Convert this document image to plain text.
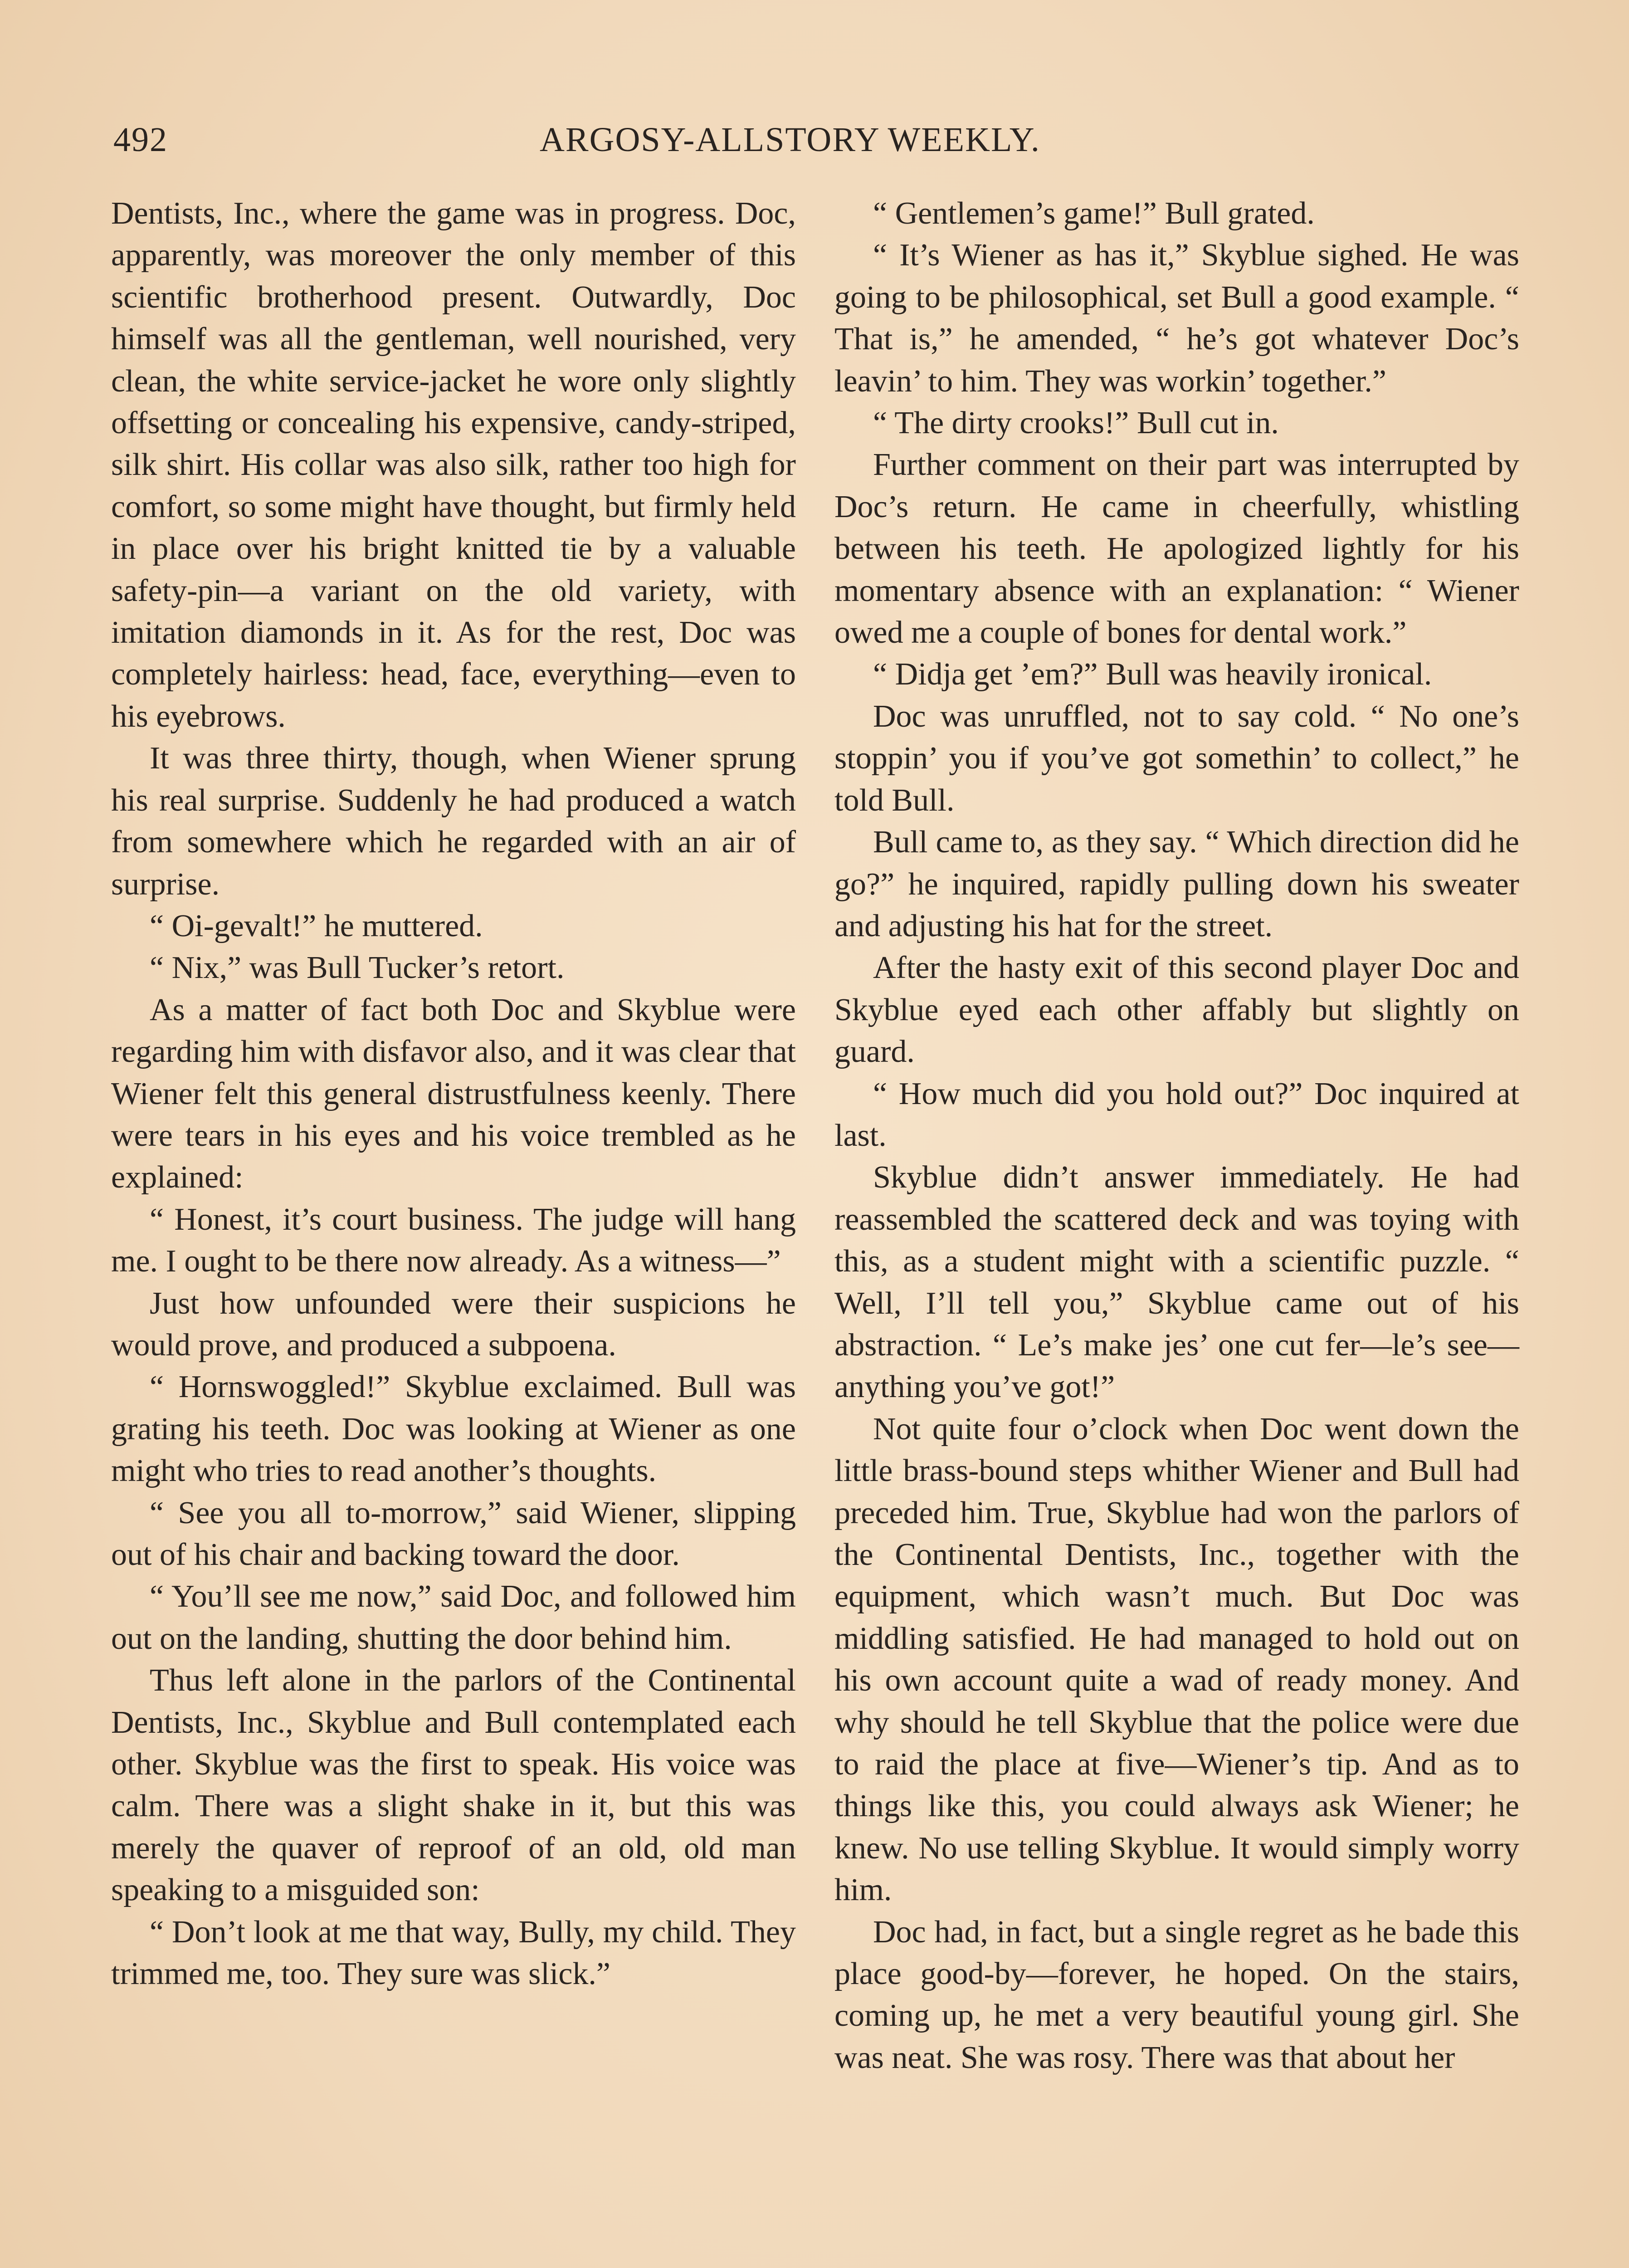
492	ARGOSY-ALLSTORY WEEKLY.

Dentists, Inc., where the game was in progress. Doc, apparently, was moreover the only member of this scientific brotherhood present. Outwardly, Doc himself was all the gentleman, well nourished, very clean, the white service-jacket he wore only slightly offsetting or concealing his expensive, candy-striped, silk shirt. His collar was also silk, rather too high for comfort, so some might have thought, but firmly held in place over his bright knitted tie by a valuable safety-pin—a variant on the old variety, with imitation diamonds in it. As for the rest, Doc was completely hairless: head, face, everything—even to his eyebrows.

It was three thirty, though, when Wiener sprung his real surprise. Suddenly he had produced a watch from somewhere which he regarded with an air of surprise.

“ Oi-gevalt!” he muttered.

“ Nix,” was Bull Tucker’s retort.

As a matter of fact both Doc and Skyblue were regarding him with disfavor also, and it was clear that Wiener felt this general distrustfulness keenly. There were tears in his eyes and his voice trembled as he explained:

“ Honest, it’s court business. The judge will hang me. I ought to be there now already. As a witness—”

Just how unfounded were their suspicions he would prove, and produced a subpoena.

“ Hornswoggled!” Skyblue exclaimed. Bull was grating his teeth. Doc was looking at Wiener as one might who tries to read another’s thoughts.

“ See you all to-morrow,” said Wiener, slipping out of his chair and backing toward the door.

“ You’ll see me now,” said Doc, and followed him out on the landing, shutting the door behind him.

Thus left alone in the parlors of the Continental Dentists, Inc., Skyblue and Bull contemplated each other. Skyblue was the first to speak. His voice was calm. There was a slight shake in it, but this was merely the quaver of reproof of an old, old man speaking to a misguided son:

“ Don’t look at me that way, Bully, my child. They trimmed me, too. They sure was slick.”

“ Gentlemen’s game!” Bull grated.

“ It’s Wiener as has it,” Skyblue sighed. He was going to be philosophical, set Bull a good example. “ That is,” he amended, “ he’s got whatever Doc’s leavin’ to him. They was workin’ together.”

“ The dirty crooks!” Bull cut in.

Further comment on their part was interrupted by Doc’s return. He came in cheerfully, whistling between his teeth. He apologized lightly for his momentary absence with an explanation: “ Wiener owed me a couple of bones for dental work.”

“ Didja get ’em?” Bull was heavily ironical.

Doc was unruffled, not to say cold. “ No one’s stoppin’ you if you’ve got somethin’ to collect,” he told Bull.

Bull came to, as they say. “ Which direction did he go?” he inquired, rapidly pulling down his sweater and adjusting his hat for the street.

After the hasty exit of this second player Doc and Skyblue eyed each other affably but slightly on guard.

“ How much did you hold out?” Doc inquired at last.

Skyblue didn’t answer immediately. He had reassembled the scattered deck and was toying with this, as a student might with a scientific puzzle. “ Well, I’ll tell you,” Skyblue came out of his abstraction. “ Le’s make jes’ one cut fer—le’s see—anything you’ve got!”

Not quite four o’clock when Doc went down the little brass-bound steps whither Wiener and Bull had preceded him. True, Skyblue had won the parlors of the Continental Dentists, Inc., together with the equipment, which wasn’t much. But Doc was middling satisfied. He had managed to hold out on his own account quite a wad of ready money. And why should he tell Skyblue that the police were due to raid the place at five—Wiener’s tip. And as to things like this, you could always ask Wiener; he knew. No use telling Skyblue. It would simply worry him.

Doc had, in fact, but a single regret as he bade this place good-by—forever, he hoped. On the stairs, coming up, he met a very beautiful young girl. She was neat. She was rosy. There was that about her
